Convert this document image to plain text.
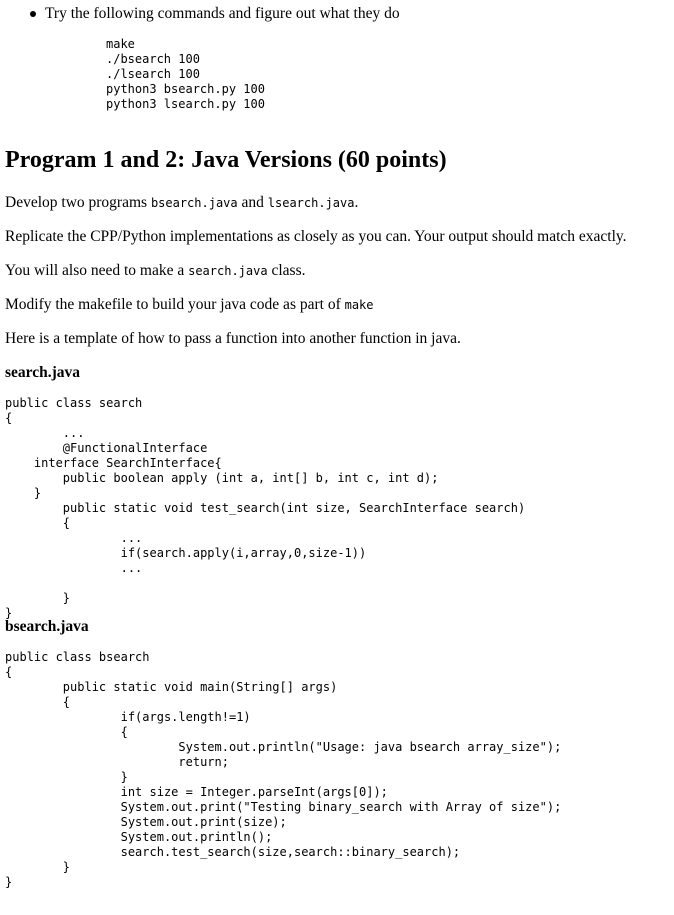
Try the following commands and figure out what they do
make
./bsearch 100
./lsearch 100
python3 bsearch.py 100
python3 lsearch.py 100
Program 1 and 2: Java Versions (60 points)

Develop two programs bsearch.java and lsearch.java.

Replicate the CPP/Python implementations as closely as you can. Your output should match exactly.

You will also need to make a search.java class.

Modify the makefile to build your java code as part of make

Here is a template of how to pass a function into another function in java.

search.java
public class search
{
...
@FunctionalInterface
interface SearchInterface{
public boolean apply (int a, int[] b, int c, int d);
}
public static void test_search(int size, SearchInterface search)
{
...
if(search.apply(i,array,0,size-1))
...

}
}
bsearch.java
public class bsearch
{
public static void main(String[] args)
{
if(args.length!=1)
{
System.out.println("Usage: java bsearch array_size");
return;
}
int size = Integer.parseInt(args[0]);
System.out.print("Testing binary_search with Array of size");
System.out.print(size);
System.out.println();
search.test_search(size,search::binary_search);
}
}
